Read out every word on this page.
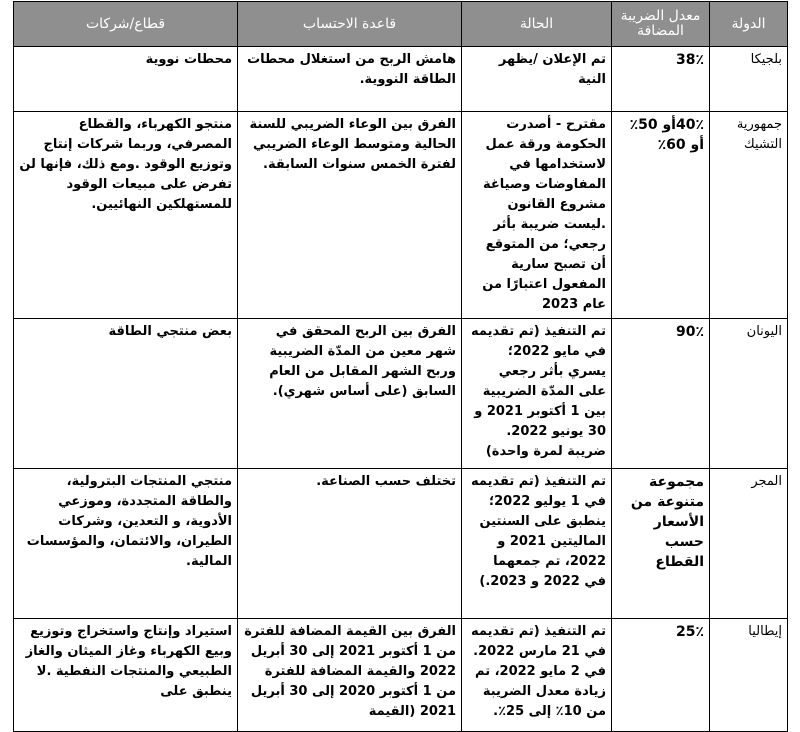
الدولة	معدل الضريبة المضافة	الحالة	قاعدة الاحتساب	قطاع/شركات
بلجيكا	38٪	تم الإعلان /يظهر النية	هامش الربح من استغلال محطات الطاقة النووية.	محطات نووية
جمهورية التشيك	40٪أو 50٪ أو 60٪	مقترح - أصدرت الحكومة ورقة عمل لاستخدامها في المفاوضات وصياغة مشروع القانون .ليست ضريبة بأثر رجعي؛ من المتوقع أن تصبح سارية المفعول اعتبارًا من عام 2023	الفرق بين الوعاء الضريبي للسنة الحالية ومتوسط الوعاء الضريبي لفترة الخمس سنوات السابقة.	منتجو الكهرباء، والقطاع المصرفي، وربما شركات إنتاج وتوزيع الوقود .ومع ذلك، فإنها لن تفرض على مبيعات الوقود للمستهلكين النهائيين.
اليونان	90٪	تم التنفيذ (تم تقديمه في مايو 2022؛ يسري بأثر رجعي على المدّة الضريبية بين 1 أكتوبر 2021 و 30 يونيو 2022. ضريبة لمرة واحدة)	الفرق بين الربح المحقق في شهر معين من المدّة الضريبية وربح الشهر المقابل من العام السابق (على أساس شهري).	بعض منتجي الطاقة
المجر	مجموعة متنوعة من الأسعار حسب القطاع	تم التنفيذ (تم تقديمه في 1 يوليو 2022؛ ينطبق على السنتين الماليتين 2021 و 2022، تم جمعهما في 2022 و 2023.)	تختلف حسب الصناعة.	منتجي المنتجات البترولية، والطاقة المتجددة، وموزعي الأدوية، و التعدين، وشركات الطيران، والائتمان، والمؤسسات المالية.
إيطاليا	25٪	تم التنفيذ (تم تقديمه في 21 مارس 2022. في 2 مايو 2022، تم زيادة معدل الضريبة من 10٪ إلى 25٪.	الفرق بين القيمة المضافة للفترة من 1 أكتوبر 2021 إلى 30 أبريل 2022 والقيمة المضافة للفترة من 1 أكتوبر 2020 إلى 30 أبريل 2021 (القيمة	استيراد وإنتاج واستخراج وتوزيع وبيع الكهرباء وغاز الميثان والغاز الطبيعي والمنتجات النفطية .لا ينطبق على
